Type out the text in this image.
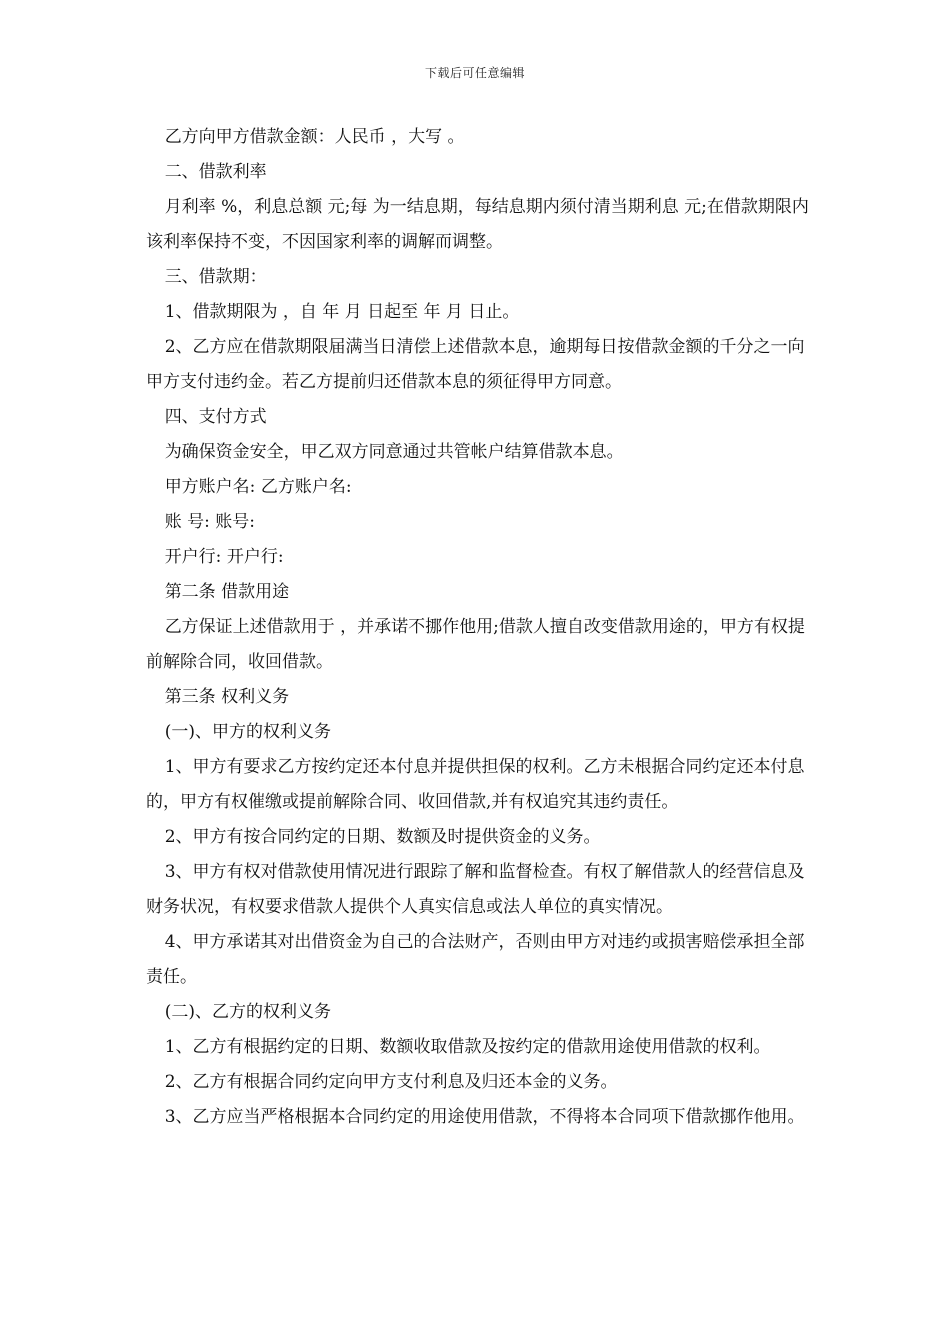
下载后可任意编辑

乙方向甲方借款金额：人民币 ，大写 。

二、借款利率

月利率 %，利息总额 元;每 为一结息期，每结息期内须付清当期利息 元;在借款期限内该利率保持不变，不因国家利率的调解而调整。

三、借款期：

1、借款期限为 ，自 年 月 日起至 年 月 日止。

2、乙方应在借款期限届满当日清偿上述借款本息，逾期每日按借款金额的千分之一向甲方支付违约金。若乙方提前归还借款本息的须征得甲方同意。

四、支付方式

为确保资金安全，甲乙双方同意通过共管帐户结算借款本息。

甲方账户名: 乙方账户名:

账 号: 账号:

开户行: 开户行:

第二条 借款用途

乙方保证上述借款用于 ，并承诺不挪作他用;借款人擅自改变借款用途的，甲方有权提前解除合同，收回借款。

第三条 权利义务

(一)、甲方的权利义务

1、甲方有要求乙方按约定还本付息并提供担保的权利。乙方未根据合同约定还本付息的，甲方有权催缴或提前解除合同、收回借款,并有权追究其违约责任。

2、甲方有按合同约定的日期、数额及时提供资金的义务。

3、甲方有权对借款使用情况进行跟踪了解和监督检查。有权了解借款人的经营信息及财务状况，有权要求借款人提供个人真实信息或法人单位的真实情况。

4、甲方承诺其对出借资金为自己的合法财产，否则由甲方对违约或损害赔偿承担全部责任。

(二)、乙方的权利义务

1、乙方有根据约定的日期、数额收取借款及按约定的借款用途使用借款的权利。

2、乙方有根据合同约定向甲方支付利息及归还本金的义务。

3、乙方应当严格根据本合同约定的用途使用借款，不得将本合同项下借款挪作他用。
